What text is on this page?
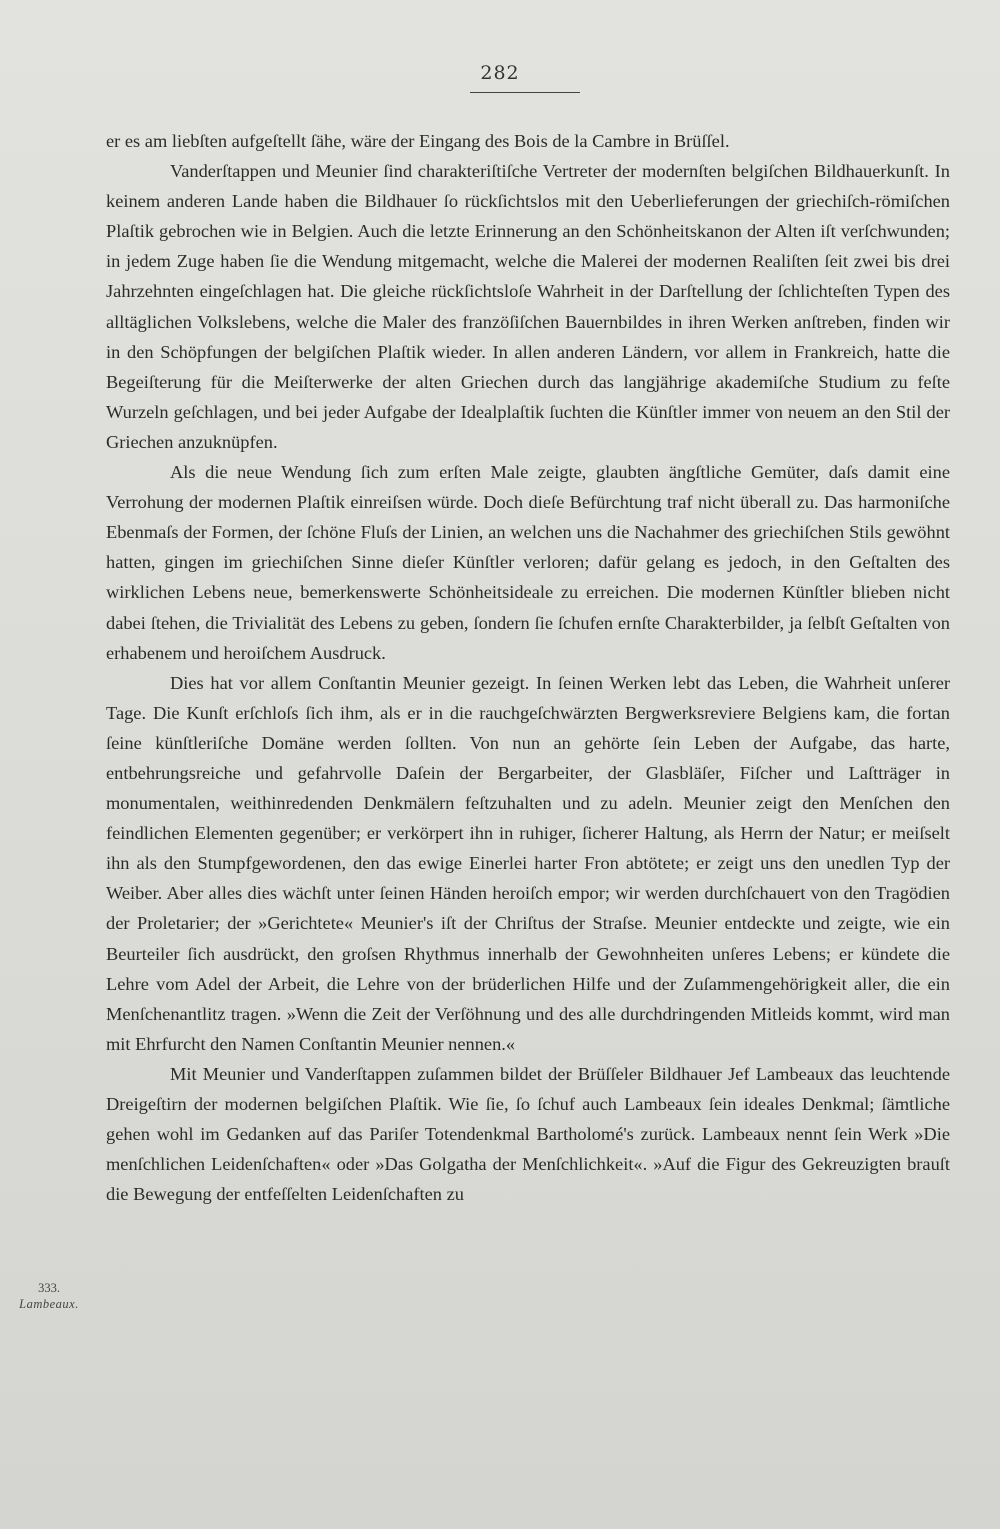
282

er es am liebſten aufgeſtellt ſähe, wäre der Eingang des Bois de la Cambre in Brüſſel.

Vanderſtappen und Meunier ſind charakteriſtiſche Vertreter der modernſten belgiſchen Bildhauerkunſt. In keinem anderen Lande haben die Bildhauer ſo rückſichtslos mit den Ueberlieferungen der griechiſch-römiſchen Plaſtik gebrochen wie in Belgien. Auch die letzte Erinnerung an den Schönheitskanon der Alten iſt verſchwunden; in jedem Zuge haben ſie die Wendung mitgemacht, welche die Malerei der modernen Realiſten ſeit zwei bis drei Jahrzehnten eingeſchlagen hat. Die gleiche rückſichtsloſe Wahrheit in der Darſtellung der ſchlichteſten Typen des alltäglichen Volkslebens, welche die Maler des franzöſiſchen Bauernbildes in ihren Werken anſtreben, finden wir in den Schöpfungen der belgiſchen Plaſtik wieder. In allen anderen Ländern, vor allem in Frankreich, hatte die Begeiſterung für die Meiſterwerke der alten Griechen durch das langjährige akademiſche Studium zu feſte Wurzeln geſchlagen, und bei jeder Aufgabe der Idealplaſtik ſuchten die Künſtler immer von neuem an den Stil der Griechen anzuknüpfen.

Als die neue Wendung ſich zum erſten Male zeigte, glaubten ängſtliche Gemüter, daſs damit eine Verrohung der modernen Plaſtik einreiſsen würde. Doch dieſe Befürchtung traf nicht überall zu. Das harmoniſche Ebenmaſs der Formen, der ſchöne Fluſs der Linien, an welchen uns die Nachahmer des griechiſchen Stils gewöhnt hatten, gingen im griechiſchen Sinne dieſer Künſtler verloren; dafür gelang es jedoch, in den Geſtalten des wirklichen Lebens neue, bemerkenswerte Schönheitsideale zu erreichen. Die modernen Künſtler blieben nicht dabei ſtehen, die Trivialität des Lebens zu geben, ſondern ſie ſchufen ernſte Charakterbilder, ja ſelbſt Geſtalten von erhabenem und heroiſchem Ausdruck.

Dies hat vor allem Conſtantin Meunier gezeigt. In ſeinen Werken lebt das Leben, die Wahrheit unſerer Tage. Die Kunſt erſchloſs ſich ihm, als er in die rauchgeſchwärzten Bergwerksreviere Belgiens kam, die fortan ſeine künſtleriſche Domäne werden ſollten. Von nun an gehörte ſein Leben der Aufgabe, das harte, entbehrungsreiche und gefahrvolle Daſein der Bergarbeiter, der Glasbläſer, Fiſcher und Laſtträger in monumentalen, weithinredenden Denkmälern feſtzuhalten und zu adeln. Meunier zeigt den Menſchen den feindlichen Elementen gegenüber; er verkörpert ihn in ruhiger, ſicherer Haltung, als Herrn der Natur; er meiſselt ihn als den Stumpfgewordenen, den das ewige Einerlei harter Fron abtötete; er zeigt uns den unedlen Typ der Weiber. Aber alles dies wächſt unter ſeinen Händen heroiſch empor; wir werden durchſchauert von den Tragödien der Proletarier; der »Gerichtete« Meunier's iſt der Chriſtus der Straſse. Meunier entdeckte und zeigte, wie ein Beurteiler ſich ausdrückt, den groſsen Rhythmus innerhalb der Gewohnheiten unſeres Lebens; er kündete die Lehre vom Adel der Arbeit, die Lehre von der brüderlichen Hilfe und der Zuſammengehörigkeit aller, die ein Menſchenantlitz tragen. »Wenn die Zeit der Verſöhnung und des alle durchdringenden Mitleids kommt, wird man mit Ehrfurcht den Namen Conſtantin Meunier nennen.«

Mit Meunier und Vanderſtappen zuſammen bildet der Brüſſeler Bildhauer Jef Lambeaux das leuchtende Dreigeſtirn der modernen belgiſchen Plaſtik. Wie ſie, ſo ſchuf auch Lambeaux ſein ideales Denkmal; ſämtliche gehen wohl im Gedanken auf das Pariſer Totendenkmal Bartholomé's zurück. Lambeaux nennt ſein Werk »Die menſchlichen Leidenſchaften« oder »Das Golgatha der Menſchlichkeit«. »Auf die Figur des Gekreuzigten brauſt die Bewegung der entfeſſelten Leidenſchaften zu

333.
Lambeaux.
